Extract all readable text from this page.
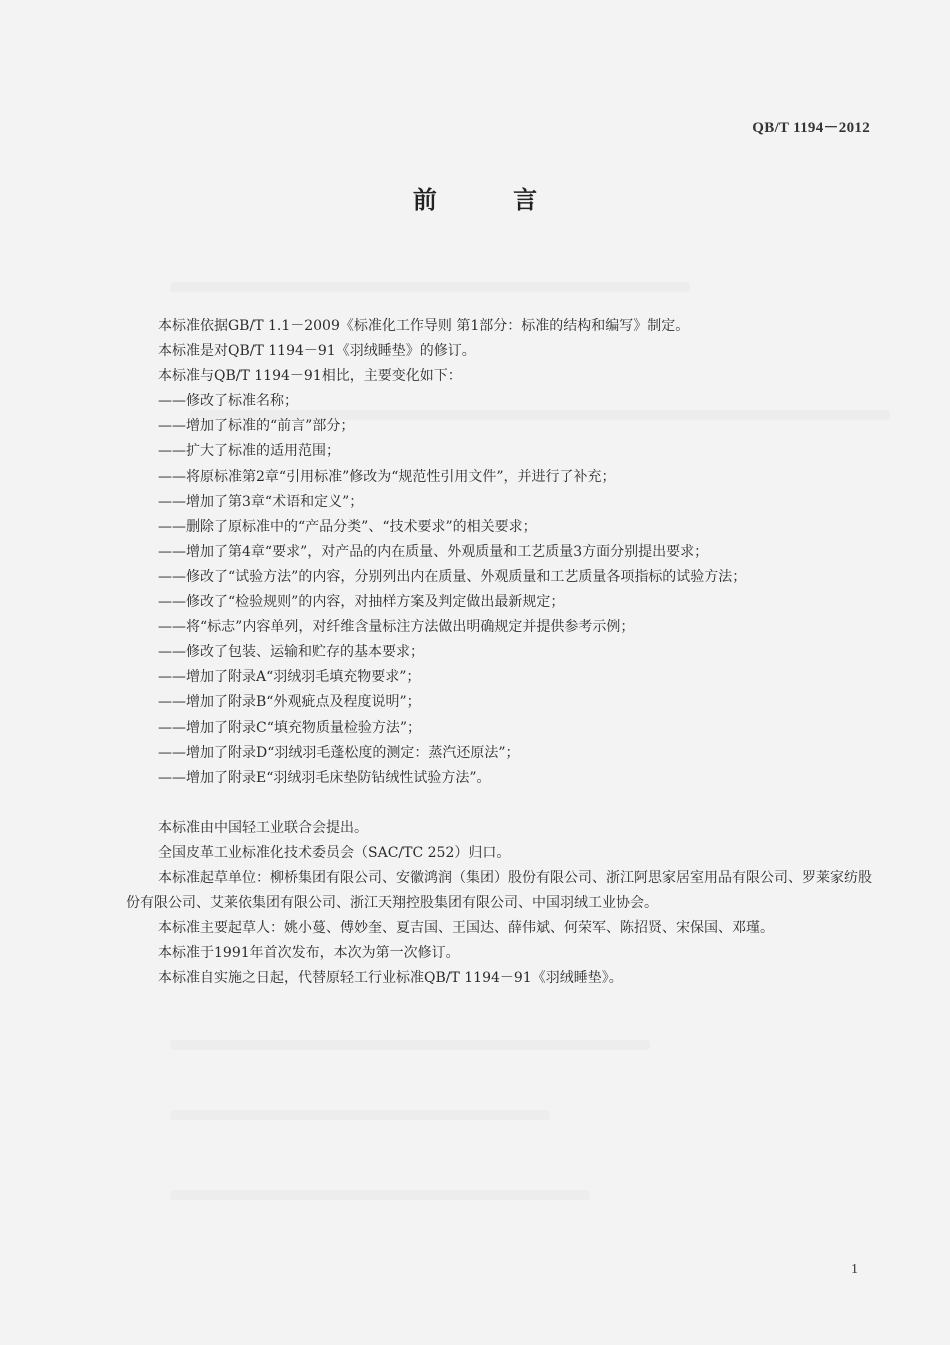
QB/T 1194－2012
前 言
本标准依据GB/T 1.1－2009《标准化工作导则 第1部分：标准的结构和编写》制定。
本标准是对QB/T 1194－91《羽绒睡垫》的修订。
本标准与QB/T 1194－91相比，主要变化如下：
——修改了标准名称；
——增加了标准的“前言”部分；
——扩大了标准的适用范围；
——将原标准第2章“引用标准”修改为“规范性引用文件”，并进行了补充；
——增加了第3章“术语和定义”；
——删除了原标准中的“产品分类”、“技术要求”的相关要求；
——增加了第4章“要求”，对产品的内在质量、外观质量和工艺质量3方面分别提出要求；
——修改了“试验方法”的内容，分别列出内在质量、外观质量和工艺质量各项指标的试验方法；
——修改了“检验规则”的内容，对抽样方案及判定做出最新规定；
——将“标志”内容单列，对纤维含量标注方法做出明确规定并提供参考示例；
——修改了包装、运输和贮存的基本要求；
——增加了附录A“羽绒羽毛填充物要求”；
——增加了附录B“外观疵点及程度说明”；
——增加了附录C“填充物质量检验方法”；
——增加了附录D“羽绒羽毛蓬松度的测定：蒸汽还原法”；
——增加了附录E“羽绒羽毛床垫防钻绒性试验方法”。
本标准由中国轻工业联合会提出。
全国皮革工业标准化技术委员会（SAC/TC 252）归口。
本标准起草单位：柳桥集团有限公司、安徽鸿润（集团）股份有限公司、浙江阿思家居室用品有限公司、罗莱家纺股份有限公司、艾莱依集团有限公司、浙江天翔控股集团有限公司、中国羽绒工业协会。
本标准主要起草人：姚小蔓、傅妙奎、夏吉国、王国达、薛伟斌、何荣军、陈招贤、宋保国、邓瑾。
本标准于1991年首次发布，本次为第一次修订。
本标准自实施之日起，代替原轻工行业标准QB/T 1194－91《羽绒睡垫》。
1
